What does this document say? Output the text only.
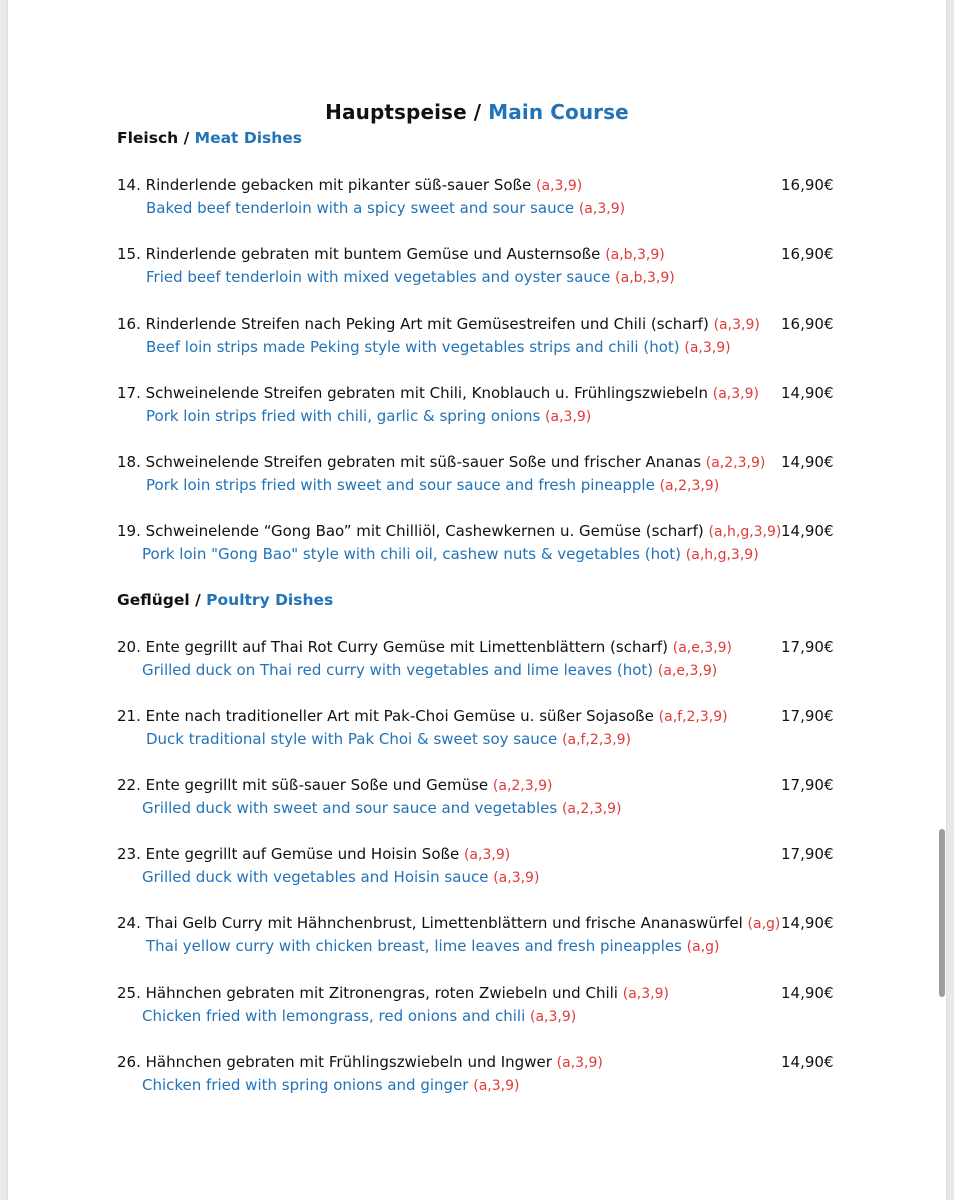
Hauptspeise / Main Course
Fleisch / Meat Dishes
Geflügel / Poultry Dishes
14. Rinderlende gebacken mit pikanter süß-sauer Soße (a,3,9)	16,90€
Baked beef tenderloin with a spicy sweet and sour sauce (a,3,9)
15. Rinderlende gebraten mit buntem Gemüse und Austernsoße (a,b,3,9)	16,90€
Fried beef tenderloin with mixed vegetables and oyster sauce (a,b,3,9)
16. Rinderlende Streifen nach Peking Art mit Gemüsestreifen und Chili (scharf) (a,3,9) 16,90€
Beef loin strips made Peking style with vegetables strips and chili (hot) (a,3,9)
17. Schweinelende Streifen gebraten mit Chili, Knoblauch u. Frühlingszwiebeln (a,3,9) 14,90€
Pork loin strips fried with chili, garlic & spring onions (a,3,9)
18. Schweinelende Streifen gebraten mit süß-sauer Soße und frischer Ananas (a,2,3,9) 14,90€
Pork loin strips fried with sweet and sour sauce and fresh pineapple (a,2,3,9)
19. Schweinelende “Gong Bao” mit Chilliöl, Cashewkernen u. Gemüse (scharf) (a,h,g,3,9) 14,90€
Pork loin "Gong Bao" style with chili oil, cashew nuts & vegetables (hot) (a,h,g,3,9)
20. Ente gegrillt auf Thai Rot Curry Gemüse mit Limettenblättern (scharf) (a,e,3,9)	17,90€
Grilled duck on Thai red curry with vegetables and lime leaves (hot) (a,e,3,9)
21. Ente nach traditioneller Art mit Pak-Choi Gemüse u. süßer Sojasoße (a,f,2,3,9)	17,90€
Duck traditional style with Pak Choi & sweet soy sauce (a,f,2,3,9)
22. Ente gegrillt mit süß-sauer Soße und Gemüse (a,2,3,9)	17,90€
Grilled duck with sweet and sour sauce and vegetables (a,2,3,9)
23. Ente gegrillt auf Gemüse und Hoisin Soße (a,3,9)	17,90€
Grilled duck with vegetables and Hoisin sauce (a,3,9)
24. Thai Gelb Curry mit Hähnchenbrust, Limettenblättern und frische Ananaswürfel (a,g) 14,90€
Thai yellow curry with chicken breast, lime leaves and fresh pineapples (a,g)
25. Hähnchen gebraten mit Zitronengras, roten Zwiebeln und Chili (a,3,9)	14,90€
Chicken fried with lemongrass, red onions and chili (a,3,9)
26. Hähnchen gebraten mit Frühlingszwiebeln und Ingwer (a,3,9)	14,90€
Chicken fried with spring onions and ginger (a,3,9)
